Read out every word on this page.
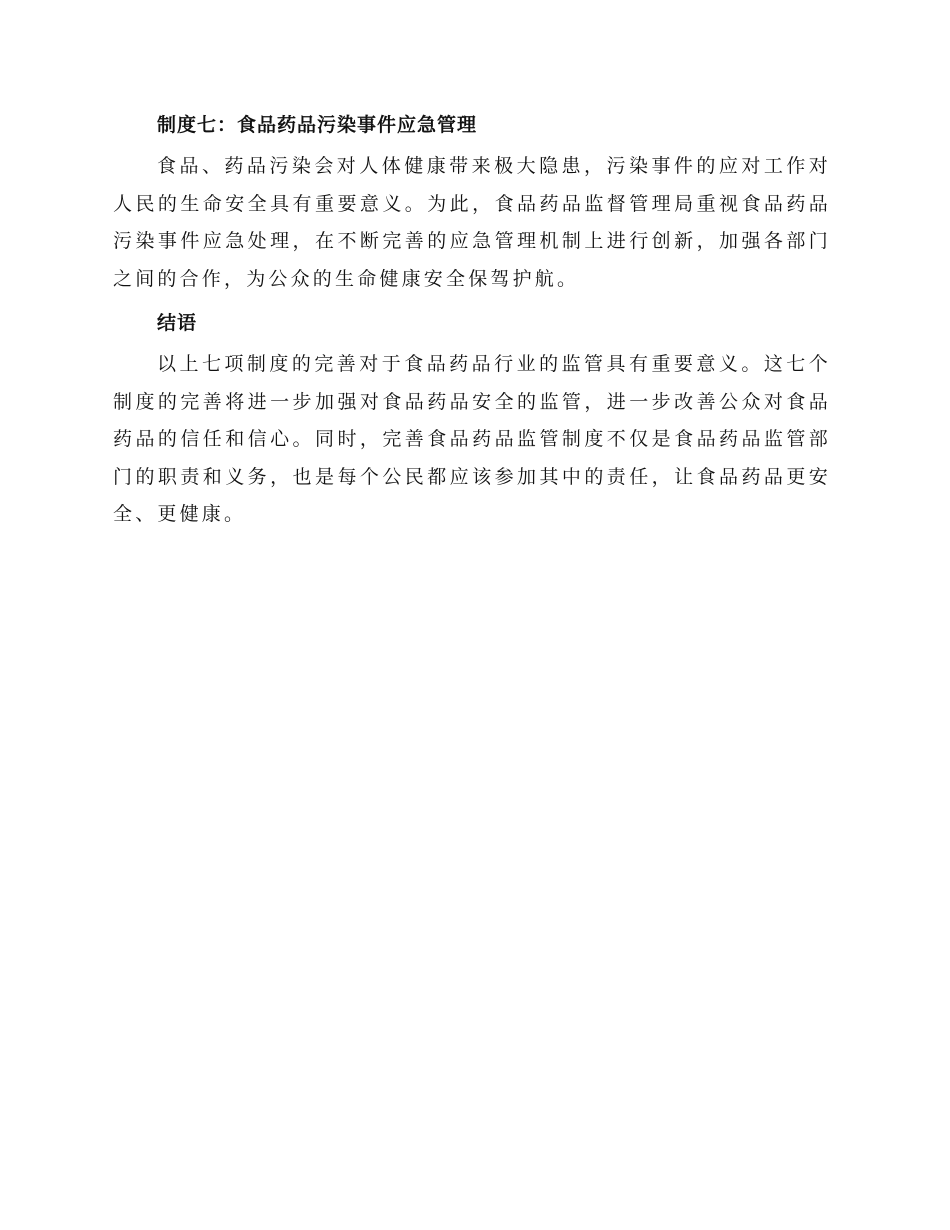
制度七：食品药品污染事件应急管理

食品、药品污染会对人体健康带来极大隐患，污染事件的应对工作对人民的生命安全具有重要意义。为此，食品药品监督管理局重视食品药品污染事件应急处理，在不断完善的应急管理机制上进行创新，加强各部门之间的合作，为公众的生命健康安全保驾护航。

结语

以上七项制度的完善对于食品药品行业的监管具有重要意义。这七个制度的完善将进一步加强对食品药品安全的监管，进一步改善公众对食品药品的信任和信心。同时，完善食品药品监管制度不仅是食品药品监管部门的职责和义务，也是每个公民都应该参加其中的责任，让食品药品更安全、更健康。
